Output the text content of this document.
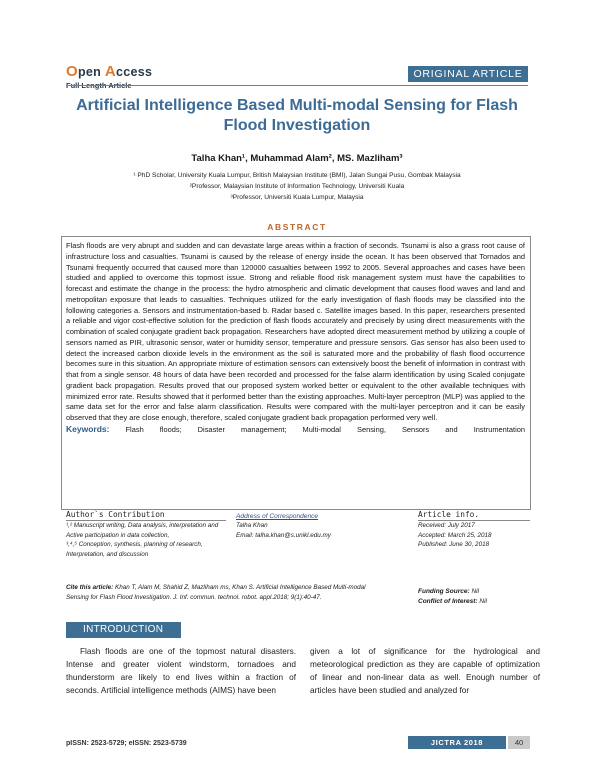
Open Access
Full Length Article
ORIGINAL ARTICLE
Artificial Intelligence Based Multi-modal Sensing for Flash Flood Investigation
Talha Khan¹, Muhammad Alam², MS. Mazliham³
¹ PhD Scholar, University Kuala Lumpur, British Malaysian Institute (BMI), Jalan Sungai Pusu, Gombak Malaysia
²Professor, Malaysian Institute of Information Technology, Universiti Kuala
³Professor, Universiti Kuala Lumpur, Malaysia
ABSTRACT
Flash floods are very abrupt and sudden and can devastate large areas within a fraction of seconds. Tsunami is also a grass root cause of infrastructure loss and casualties. Tsunami is caused by the release of energy inside the ocean. It has been observed that Tornados and Tsunami frequently occurred that caused more than 120000 casualties between 1992 to 2005. Several approaches and cases have been studied and applied to overcome this topmost issue. Strong and reliable flood risk management system must have the capabilities to forecast and estimate the change in the process: the hydro atmospheric and climatic development that causes flood waves and land and metropolitan exposure that leads to casualties. Techniques utilized for the early investigation of flash floods may be classified into the following categories a. Sensors and instrumentation-based b. Radar based c. Satellite images based. In this paper, researchers presented a reliable and vigor cost-effective solution for the prediction of flash floods accurately and precisely by using direct measurements with the combination of scaled conjugate gradient back propagation. Researchers have adopted direct measurement method by utilizing a couple of sensors named as PIR, ultrasonic sensor, water or humidity sensor, temperature and pressure sensors. Gas sensor has also been used to detect the increased carbon dioxide levels in the environment as the soil is saturated more and the probability of flash flood occurrence becomes sure in this situation. An appropriate mixture of estimation sensors can extensively boost the benefit of information in contrast with that from a single sensor. 48 hours of data have been recorded and processed for the false alarm identification by using Scaled conjugate gradient back propagation. Results proved that our proposed system worked better or equivalent to the other available techniques with minimized error rate. Results showed that it performed better than the existing approaches. Multi-layer perceptron (MLP) was applied to the same data set for the error and false alarm classification. Results were compared with the multi-layer perceptron and it can be easily observed that they are close enough, therefore, scaled conjugate gradient back propagation performed very well.
Keywords: Flash floods; Disaster management; Multi-modal Sensing, Sensors and Instrumentation
Author`s Contribution
¹,² Manuscript writing, Data analysis, interpretation and Active participation in data collection,
³,⁴,⁵ Conception, synthesis, planning of research, Interpretation, and discussion
Address of Correspondence
Talha Khan
Email: talha.khan@s.unikl.edu.my
Article info.
Received: July 2017
Accepted: March 25, 2018
Published: June 30, 2018
Cite this article: Khan T, Alam M, Shahid Z, Mazliham ms, Khan S. Artificial Intelligence Based Multi-modal Sensing for Flash Flood Investigation. J. Inf. commun. technol. robot. appl.2018; 9(1):40-47.
Funding Source: Nil
Conflict of Interest: Nil
INTRODUCTION
Flash floods are one of the topmost natural disasters. Intense and greater violent windstorm, tornadoes and thunderstorm are likely to end lives within a fraction of seconds. Artificial intelligence methods (AIMS) have been
given a lot of significance for the hydrological and meteorological prediction as they are capable of optimization of linear and non-linear data as well. Enough number of articles have been studied and analyzed for
pISSN: 2523-5729; eISSN: 2523-5739	JICTRA 2018	40
